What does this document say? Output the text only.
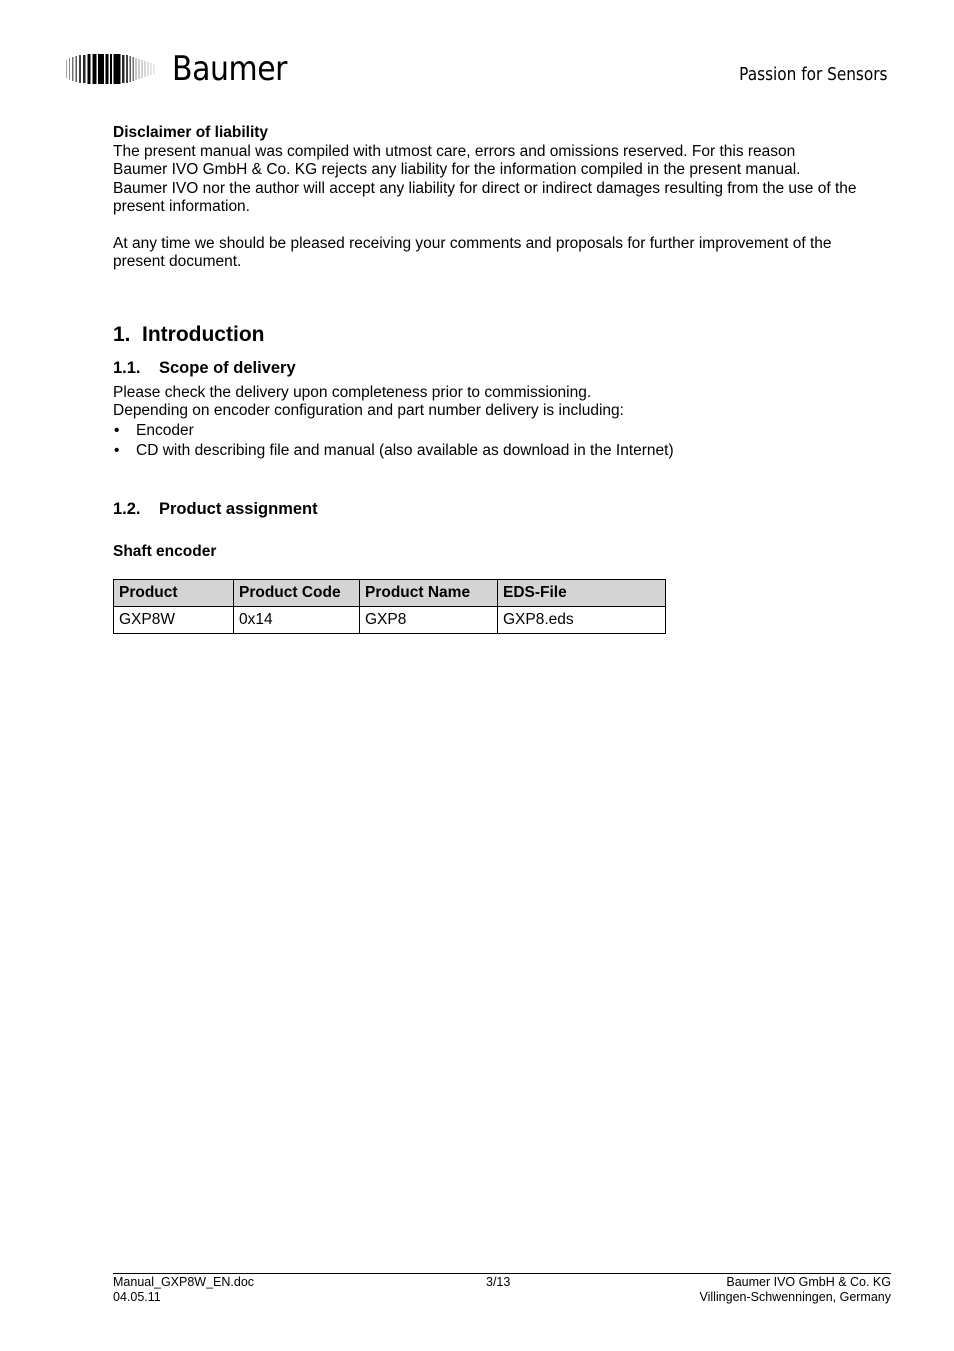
Baumer	Passion for Sensors

Disclaimer of liability

The present manual was compiled with utmost care, errors and omissions reserved. For this reason

Baumer IVO GmbH & Co. KG rejects any liability for the information compiled in the present manual.

Baumer IVO nor the author will accept any liability for direct or indirect damages resulting from the use of the

present information.

At any time we should be pleased receiving your comments and proposals for further improvement of the

present document.

1. Introduction
1.1. Scope of delivery

Please check the delivery upon completeness prior to commissioning.

Depending on encoder configuration and part number delivery is including:

• Encoder
• CD with describing file and manual (also available as download in the Internet)
1.2. Product assignment

Shaft encoder

Product	Product Code	Product Name	EDS-File
GXP8W	0x14	GXP8	GXP8.eds
Manual_GXP8W_EN.doc
04.05.11
3/13	Baumer IVO GmbH & Co. KG
Villingen-Schwenningen, Germany
